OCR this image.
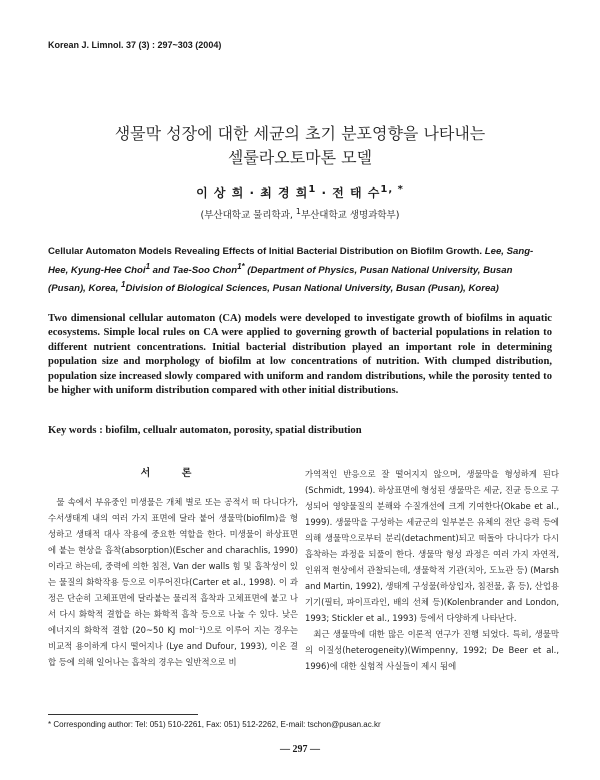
Korean J. Limnol. 37 (3) : 297~303 (2004)
생물막 성장에 대한 세균의 초기 분포영향을 나타내는
셀룰라오토마톤 모델
이 상 희 · 최 경 희$^1$ · 전 태 수$^{1, *}$
(부산대학교 물리학과, $^1$부산대학교 생명과학부)
Cellular Automaton Models Revealing Effects of Initial Bacterial Distribution on Biofilm Growth. Lee, Sang-Hee, Kyung-Hee Choi$^1$ and Tae-Soo Chon$^{1*}$ (Department of Physics, Pusan National University, Busan (Pusan), Korea, $^1$Division of Biological Sciences, Pusan National University, Busan (Pusan), Korea)
Two dimensional cellular automaton (CA) models were developed to investigate growth of biofilms in aquatic ecosystems. Simple local rules on CA were applied to governing growth of bacterial populations in relation to different nutrient concentrations. Initial bacterial distribution played an important role in determining population size and morphology of biofilm at low concentrations of nutrition. With clumped distribution, population size increased slowly compared with uniform and random distributions, while the porosity tented to be higher with uniform distribution compared with other initial distributions.
Key words : biofilm, cellualr automaton, porosity, spatial distribution
서 론

물 속에서 부유중인 미생물은 개체 별로 또는 공적서 떠 다니다가, 수서생태계 내의 여러 가지 표면에 달라 붙어 생물막(biofilm)을 형성하고 생태적 대사 작용에 중요한 역할을 한다. 미생물이 하상표면에 붙는 현상을 흡착(absorption)(Escher and charachlis, 1990)이라고 하는데, 중력에 의한 침전, Van der walls 힘 및 흡착성이 있는 물질의 화학작용 등으로 이루어진다(Carter et al., 1998). 이 과정은 단순히 고체표면에 달라붙는 물리적 흡착과 고체표면에 붙고 나서 다시 화학적 결합을 하는 화학적 흡착 등으로 나눌 수 있다. 낮은 에너지의 화학적 결합 (20~50 KJ mol⁻¹)으로 이루어 지는 경우는 비교적 용이하게 다시 떨어지나 (Lye and Dufour, 1993), 이온 결합 등에 의해 일어나는 흡착의 경우는 일반적으로 비

가역적인 반응으로 잘 떨어지지 않으며, 생물막을 형성하게 된다(Schmidt, 1994). 하상표면에 형성된 생물막은 세균, 진균 등으로 구성되어 영양물질의 분해와 수질개선에 크게 기여한다(Okabe et al., 1999). 생물막을 구성하는 세균군의 일부분은 유체의 전단 응력 등에 의해 생물막으로부터 분리(detachment)되고 떠돌아 다니다가 다시 흡착하는 과정을 되풀이 한다. 생물막 형성 과정은 여러 가지 자연적, 인위적 현상에서 관찰되는데, 생물학적 기관(치아, 도뇨관 등) (Marsh and Martin, 1992), 생태계 구성물(하상입자, 침전물, 흙 등), 산업용 기기(필터, 파이프라인, 배의 선체 등)(Kolenbrander and London, 1993; Stickler et al., 1993) 등에서 다양하게 나타난다.

최근 생물막에 대한 많은 이론적 연구가 진행 되었다. 특히, 생물막의 이질성(heterogeneity)(Wimpenny, 1992; De Beer et al., 1996)에 대한 실험적 사실들이 제시 됨에

* Corresponding author: Tel: 051) 510-2261, Fax: 051) 512-2262, E-mail: tschon@pusan.ac.kr
— 297 —
